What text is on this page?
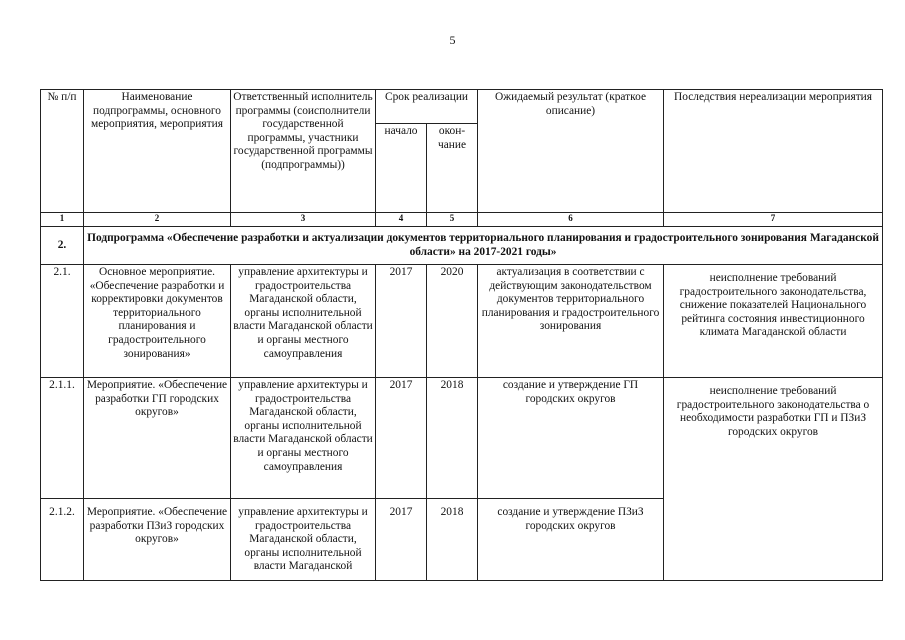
5
№ п/п	Наименование подпрограммы, основного мероприятия, мероприятия	Ответственный исполнитель программы (соисполнители государственной программы, участники государственной программы (подпрограммы))	Срок реализации		Ожидаемый результат (краткое описание)	Последствия нереализации мероприятия
			начало	окон-чание		
1	2	3	4	5	6	7
2.	Подпрограмма «Обеспечение разработки и актуализации документов территориального планирования и градостроительного зонирования Магаданской области» на 2017-2021 годы»					
2.1.	Основное мероприятие. «Обеспечение разработки и корректировки документов территориального планирования и градостроительного зонирования»	управление архитектуры и градостроительства Магаданской области, органы исполнительной власти Магаданской области и органы местного самоуправления	2017	2020	актуализация в соответствии с действующим законодательством документов территориального планирования и градостроительного зонирования	неисполнение требований градостроительного законодательства, снижение показателей Национального рейтинга состояния инвестиционного климата Магаданской области
2.1.1.	Мероприятие. «Обеспечение разработки ГП городских округов»	управление архитектуры и градостроительства Магаданской области, органы исполнительной власти Магаданской области и органы местного самоуправления	2017	2018	создание и утверждение ГП городских округов	неисполнение требований градостроительного законодательства о необходимости разработки ГП и ПЗиЗ городских округов
2.1.2.	Мероприятие. «Обеспечение разработки ПЗиЗ городских округов»	управление архитектуры и градостроительства Магаданской области, органы исполнительной власти Магаданской	2017	2018	создание и утверждение ПЗиЗ городских округов	
